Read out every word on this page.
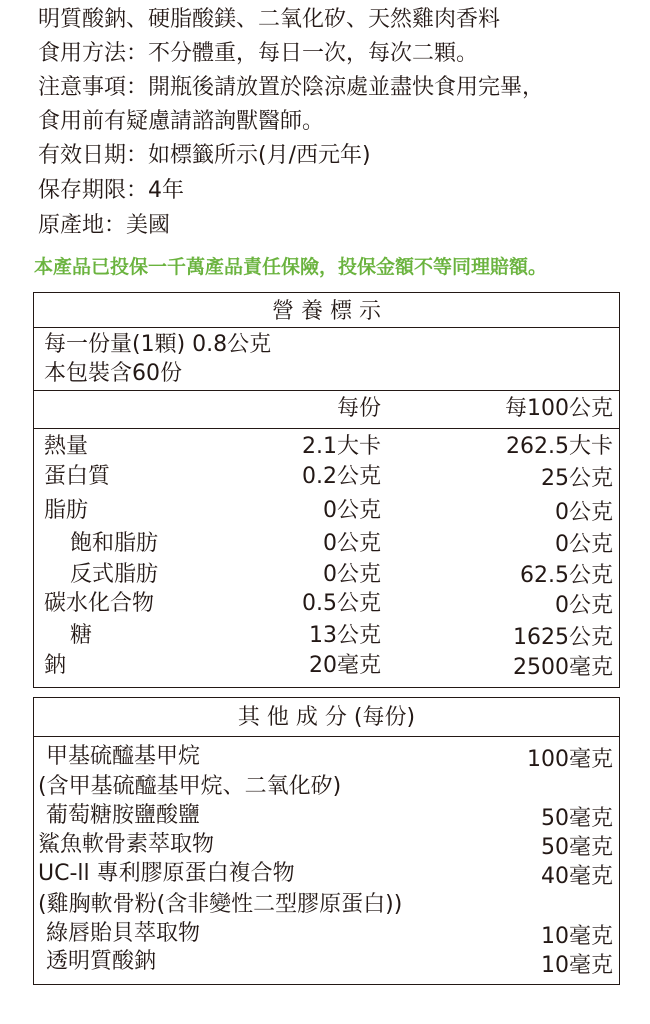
明質酸鈉、硬脂酸鎂、二氧化矽、天然雞肉香料
食用方法：不分體重，每日一次，每次二顆。
注意事項：開瓶後請放置於陰涼處並盡快食用完畢，
食用前有疑慮請諮詢獸醫師。
有效日期：如標籤所示(月/西元年)
保存期限：4年
原產地：美國
本產品已投保一千萬產品責任保險，投保金額不等同理賠額。
營 養 標 示
每一份量(1顆) 0.8公克
本包裝含60份
每份	每100公克
熱量	2.1大卡	262.5大卡
蛋白質	0.2公克	25公克
脂肪	0公克	0公克
飽和脂肪	0公克	0公克
反式脂肪	0公克	62.5公克
碳水化合物	0.5公克	0公克
糖	13公克	1625公克
鈉	20毫克	2500毫克
其 他 成 分 (每份)
甲基硫醯基甲烷	100毫克
(含甲基硫醯基甲烷、二氧化矽)
葡萄糖胺鹽酸鹽	50毫克
鯊魚軟骨素萃取物	50毫克
UC-ll 專利膠原蛋白複合物	40毫克
(雞胸軟骨粉(含非變性二型膠原蛋白))
綠唇貽貝萃取物	10毫克
透明質酸鈉	10毫克
